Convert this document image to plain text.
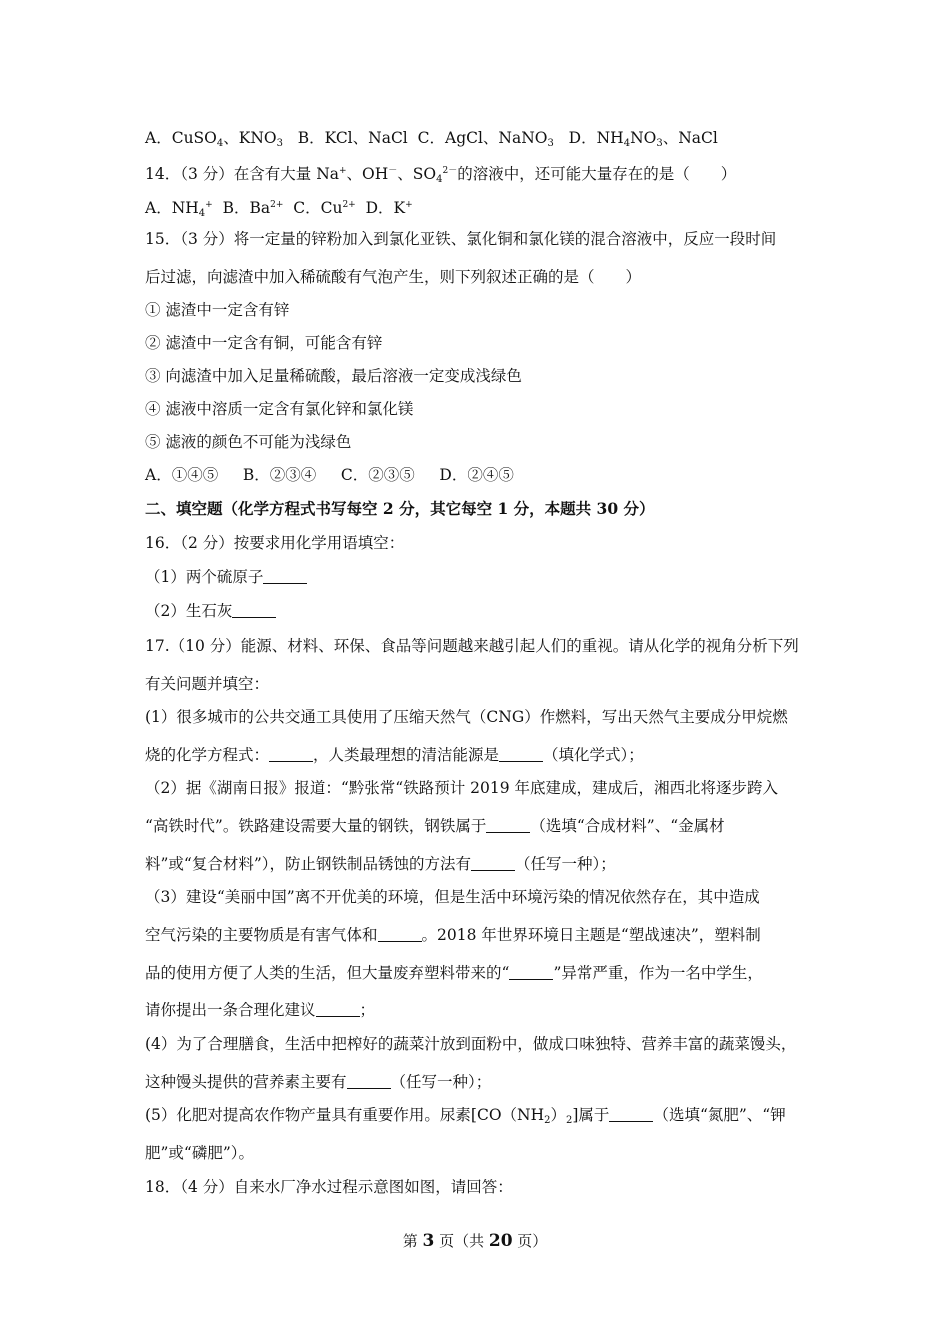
A．CuSO$_4$、$KNO_3$ B．KCl、NaCl C．AgCl、NaNO$_3$ D．$NH_4NO_3$、NaCl
14．（3 分）在含有大量 Na+、OH－、$SO_4^{2-}$的溶液中，还可能大量存在的是（　　）
A．$NH_4^+$ B．$Ba^{2+}$ C．$Cu^{2+}$ D．K+
15．（3 分）将一定量的锌粉加入到氯化亚铁、氯化铜和氯化镁的混合溶液中，反应一段时间
后过滤，向滤渣中加入稀硫酸有气泡产生，则下列叙述正确的是（　　）
① 滤渣中一定含有锌
② 滤渣中一定含有铜，可能含有锌
③ 向滤渣中加入足量稀硫酸，最后溶液一定变成浅绿色
④ 滤液中溶质一定含有氯化锌和氯化镁
⑤ 滤液的颜色不可能为浅绿色
A．①④⑤ B．②③④ C．②③⑤ D．②④⑤
二、填空题（化学方程式书写每空 2 分，其它每空 1 分，本题共 30 分）
16．（2 分）按要求用化学用语填空：
（1）两个硫原子
（2）生石灰
17.（10 分）能源、材料、环保、食品等问题越来越引起人们的重视。请从化学的视角分析下列
有关问题并填空：
(1）很多城市的公共交通工具使用了压缩天然气（CNG）作燃料，写出天然气主要成分甲烷燃
烧的化学方程式：	，人类最理想的清洁能源是	（填化学式）；
（2）据《湖南日报》报道：“黔张常“铁路预计 2019 年底建成，建成后，湘西北将逐步跨入
“高铁时代”。铁路建设需要大量的钢铁，钢铁属于	（选填“合成材料”、“金属材
料”或“复合材料”），防止钢铁制品锈蚀的方法有	（任写一种）；
（3）建设“美丽中国”离不开优美的环境，但是生活中环境污染的情况依然存在，其中造成
空气污染的主要物质是有害气体和	。2018 年世界环境日主题是“塑战速决”，塑料制
品的使用方便了人类的生活，但大量废弃塑料带来的“	”异常严重，作为一名中学生，
请你提出一条合理化建议	；
(4）为了合理膳食，生活中把榨好的蔬菜汁放到面粉中，做成口味独特、营养丰富的蔬菜馒头，
这种馒头提供的营养素主要有	（任写一种）；
(5）化肥对提高农作物产量具有重要作用。尿素$[CO(NH_2)_2]$属于	（选填“氮肥”、“钾
肥”或“磷肥”）。
18．（4 分）自来水厂净水过程示意图如图，请回答：
第 3 页（共 20 页）
